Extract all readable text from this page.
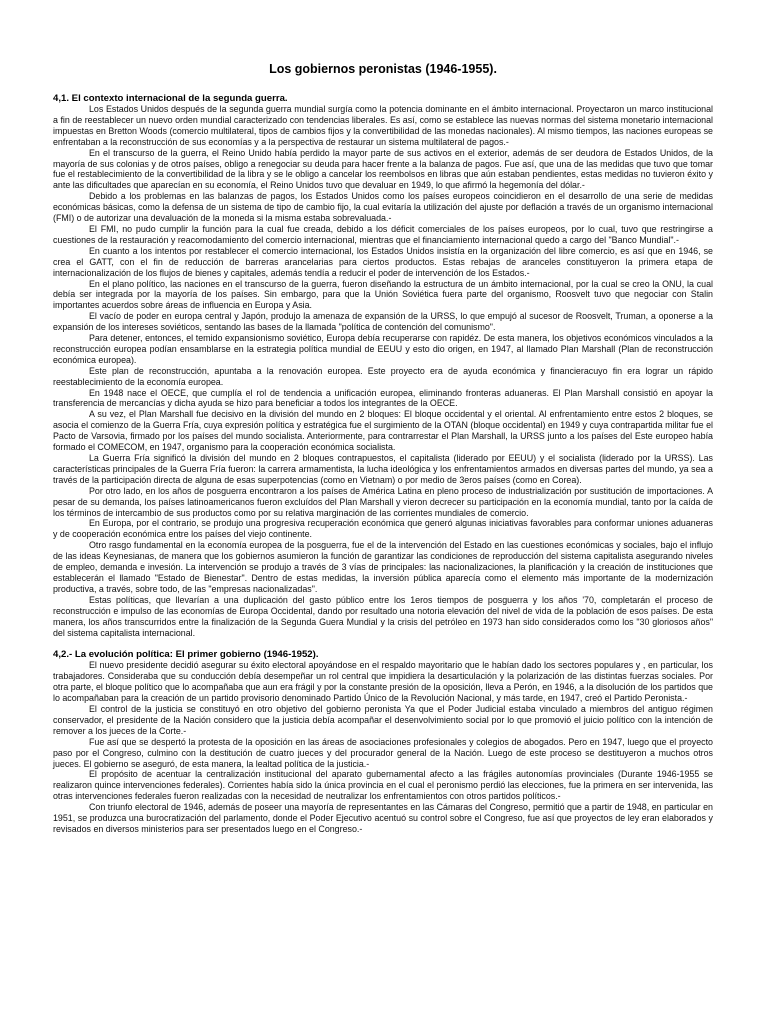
Los gobiernos peronistas (1946-1955).
4,1. El contexto internacional de la segunda guerra.

Los Estados Unidos después de la segunda guerra mundial surgía como la potencia dominante en el ámbito internacional. Proyectaron un marco institucional a fin de reestablecer un nuevo orden mundial caracterizado con tendencias liberales. Es así, como se establece las nuevas normas del sistema monetario internacional impuestas en Bretton Woods (comercio multilateral, tipos de cambios fijos y la convertibilidad de las monedas nacionales). Al mismo tiempos, las naciones europeas se enfrentaban a la reconstrucción de sus economías y a la perspectiva de restaurar un sistema multilateral de pagos.-

En el transcurso de la guerra, el Reino Unido había perdido la mayor parte de sus activos en el exterior, además de ser deudora de Estados Unidos, de la mayoría de sus colonias y de otros países, obligo a renegociar su deuda para hacer frente a la balanza de pagos. Fue así, que una de las medidas que tuvo que tomar fue el restablecimiento de la convertibilidad de la libra y se le obligo a cancelar los reembolsos en libras que aún estaban pendientes, estas medidas no tuvieron éxito y ante las dificultades que aparecían en su economía, el Reino Unidos tuvo que devaluar en 1949, lo que afirmó la hegemonía del dólar.-

Debido a los problemas en las balanzas de pagos, los Estados Unidos como los países europeos coincidieron en el desarrollo de una serie de medidas económicas básicas, como la defensa de un sistema de tipo de cambio fijo, la cual evitaría la utilización del ajuste por deflación a través de un organismo internacional (FMI) o de autorizar una devaluación de la moneda si la misma estaba sobrevaluada.-

El FMI, no pudo cumplir la función para la cual fue creada, debido a los déficit comerciales de los países europeos, por lo cual, tuvo que restringirse a cuestiones de la restauración y reacomodamiento del comercio internacional, mientras que el financiamiento internacional quedo a cargo del "Banco Mundial".-

En cuanto a los intentos por restablecer el comercio internacional, los Estados Unidos insistía en la organización del libre comercio, es así que en 1946, se crea el GATT, con el fin de reducción de barreras arancelarias para ciertos productos. Estas rebajas de aranceles constituyeron la primera etapa de internacionalización de los flujos de bienes y capitales, además tendía a reducir el poder de intervención de los Estados.-

En el plano político, las naciones en el transcurso de la guerra, fueron diseñando la estructura de un ámbito internacional, por la cual se creo la ONU, la cual debía ser integrada por la mayoría de los países. Sin embargo, para que la Unión Soviética fuera parte del organismo, Roosvelt tuvo que negociar con Stalin importantes acuerdos sobre áreas de influencia en Europa y Asia.

El vacío de poder en europa central y Japón, produjo la amenaza de expansión de la URSS, lo que empujó al sucesor de Roosvelt, Truman, a oponerse a la expansión de los intereses soviéticos, sentando las bases de la llamada "política de contención del comunismo".

Para detener, entonces, el temido expansionismo soviético, Europa debía recuperarse con rapidéz. De esta manera, los objetivos económicos vinculados a la reconstrucción europea podían ensamblarse en la estrategia política mundial de EEUU y esto dio origen, en 1947, al llamado Plan Marshall (Plan de reconstrucción económica europea).

Este plan de reconstrucción, apuntaba a la renovación europea. Este proyecto era de ayuda económica y financieracuyo fin era lograr un rápido reestablecimiento de la economía europea.

En 1948 nace el OECE, que cumplía el rol de tendencia a unificación europea, eliminando fronteras aduaneras. El Plan Marshall consistió en apoyar la transferencia de mercancías y dicha ayuda se hizo para beneficiar a todos los integrantes de la OECE.

A su vez, el Plan Marshall fue decisivo en la división del mundo en 2 bloques: El bloque occidental y el oriental. Al enfrentamiento entre estos 2 bloques, se asocia el comienzo de la Guerra Fría, cuya expresión política y estratégica fue el surgimiento de la OTAN (bloque occidental) en 1949 y cuya contrapartida militar fue el Pacto de Varsovia, firmado por los países del mundo socialista. Anteriormente, para contrarrestar el Plan Marshall, la URSS junto a los países del Este europeo había formado el COMECOM, en 1947, organismo para la cooperación económica socialista.

La Guerra Fría significó la división del mundo en 2 bloques contrapuestos, el capitalista (liderado por EEUU) y el socialista (liderado por la URSS). Las características principales de la Guerra Fría fueron: la carrera armamentista, la lucha ideológica y los enfrentamientos armados en diversas partes del mundo, ya sea a través de la participación directa de alguna de esas superpotencias (como en Vietnam) o por medio de 3eros países (como en Corea).

Por otro lado, en los años de posguerra encontraron a los países de América Latina en pleno proceso de industrialización por sustitución de importaciones. A pesar de su demanda, los países latinoamericanos fueron excluídos del Plan Marshall y vieron decrecer su participación en la economía mundial, tanto por la caída de los términos de intercambio de sus productos como por su relativa marginación de las corrientes mundiales de comercio.

En Europa, por el contrario, se produjo una progresiva recuperación económica que generó algunas iniciativas favorables para conformar uniones aduaneras y de cooperación económica entre los países del viejo continente.

Otro rasgo fundamental en la economía europea de la posguerra, fue el de la intervención del Estado en las cuestiones económicas y sociales, bajo el influjo de las ideas Keynesianas, de manera que los gobiernos asumieron la función de garantizar las condiciones de reproducción del sistema capitalista asegurando niveles de empleo, demanda e invesión. La intervención se produjo a través de 3 vías de principales: las nacionalizaciones, la planificación y la creación de instituciones que establecerán el llamado "Estado de Bienestar". Dentro de estas medidas, la inversión pública aparecía como el elemento más importante de la modernización productiva, a través, sobre todo, de las "empresas nacionalizadas".

Estas políticas, que llevarían a una duplicación del gasto público entre los 1eros tiempos de posguerra y los años '70, completarán el proceso de reconstrucción e impulso de las economías de Europa Occidental, dando por resultado una notoria elevación del nivel de vida de la población de esos países. De esta manera, los años transcurridos entre la finalización de la Segunda Guera Mundial y la crisis del petróleo en 1973 han sido considerados como los "30 gloriosos años" del sistema capitalista internacional.

4,2.- La evolución política: El primer gobierno (1946-1952).

El nuevo presidente decidió asegurar su éxito electoral apoyándose en el respaldo mayoritario que le habían dado los sectores populares y , en particular, los trabajadores. Consideraba que su conducción debía desempeñar un rol central que impidiera la desarticulación y la polarización de las distintas fuerzas sociales. Por otra parte, el bloque político que lo acompañaba que aun era frágil y por la constante presión de la oposición, lleva a Perón, en 1946, a la disolución de los partidos que lo acompañaban para la creación de un partido provisorio denominado Partido Único de la Revolución Nacional, y más tarde, en 1947, creó el Partido Peronista.-

El control de la justicia se constituyó en otro objetivo del gobierno peronista Ya que el Poder Judicial estaba vinculado a miembros del antiguo régimen conservador, el presidente de la Nación considero que la justicia debía acompañar el desenvolvimiento social por lo que promovió el juicio político con la intención de remover a los jueces de la Corte.-

Fue así que se despertó la protesta de la oposición en las áreas de asociaciones profesionales y colegios de abogados. Pero en 1947, luego que el proyecto paso por el Congreso, culmino con la destitución de cuatro jueces y del procurador general de la Nación. Luego de este proceso se destituyeron a muchos otros jueces. El gobierno se aseguró, de esta manera, la lealtad política de la justicia.-

El propósito de acentuar la centralización institucional del aparato gubernamental afecto a las frágiles autonomías provinciales (Durante 1946-1955 se realizaron quince intervenciones federales). Corrientes había sido la única provincia en el cual el peronismo perdió las elecciones, fue la primera en ser intervenida, las otras intervenciones federales fueron realizadas con la necesidad de neutralizar los enfrentamientos con otros partidos políticos.-

Con triunfo electoral de 1946, además de poseer una mayoría de representantes en las Cámaras del Congreso, permitió que a partir de 1948, en particular en 1951, se produzca una burocratización del parlamento, donde el Poder Ejecutivo acentuó su control sobre el Congreso, fue así que proyectos de ley eran elaborados y revisados en diversos ministerios para ser presentados luego en el Congreso.-
